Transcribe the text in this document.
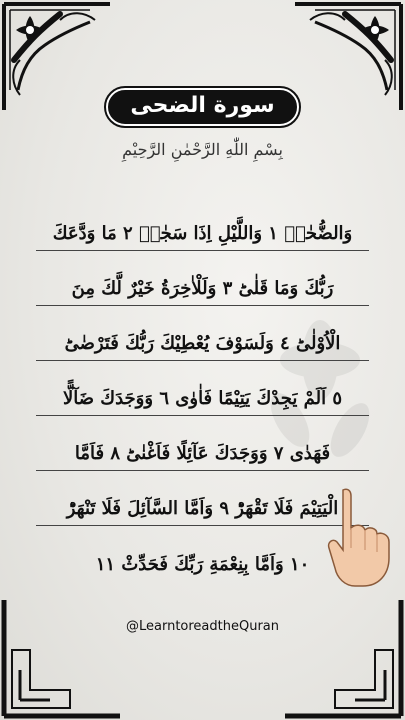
سورة الضحى
بِسْمِ اللّٰهِ الرَّحْمٰنِ الرَّحِيْمِ
وَالضُّحٰىۙ ١ وَاللَّيْلِ اِذَا سَجٰىۙ ٢ مَا وَدَّعَكَ
رَبُّكَ وَمَا قَلٰىؕ ٣ وَلَلْاٰخِرَةُ خَيْرٌ لَّكَ مِنَ
الْاُوْلٰىؕ ٤ وَلَسَوْفَ يُعْطِيْكَ رَبُّكَ فَتَرْضٰىؕ
٥ اَلَمْ يَجِدْكَ يَتِيْمًا فَاٰوٰى ٦ وَوَجَدَكَ ضَآلًّا
فَهَدٰى ٧ وَوَجَدَكَ عَآئِلًا فَاَغْنٰىؕ ٨ فَاَمَّا
الْيَتِيْمَ فَلَا تَقْهَرْؕ ٩ وَاَمَّا السَّآئِلَ فَلَا تَنْهَرْؕ
١٠ وَاَمَّا بِنِعْمَةِ رَبِّكَ فَحَدِّثْ ١١
@LearntoreadtheQuran
